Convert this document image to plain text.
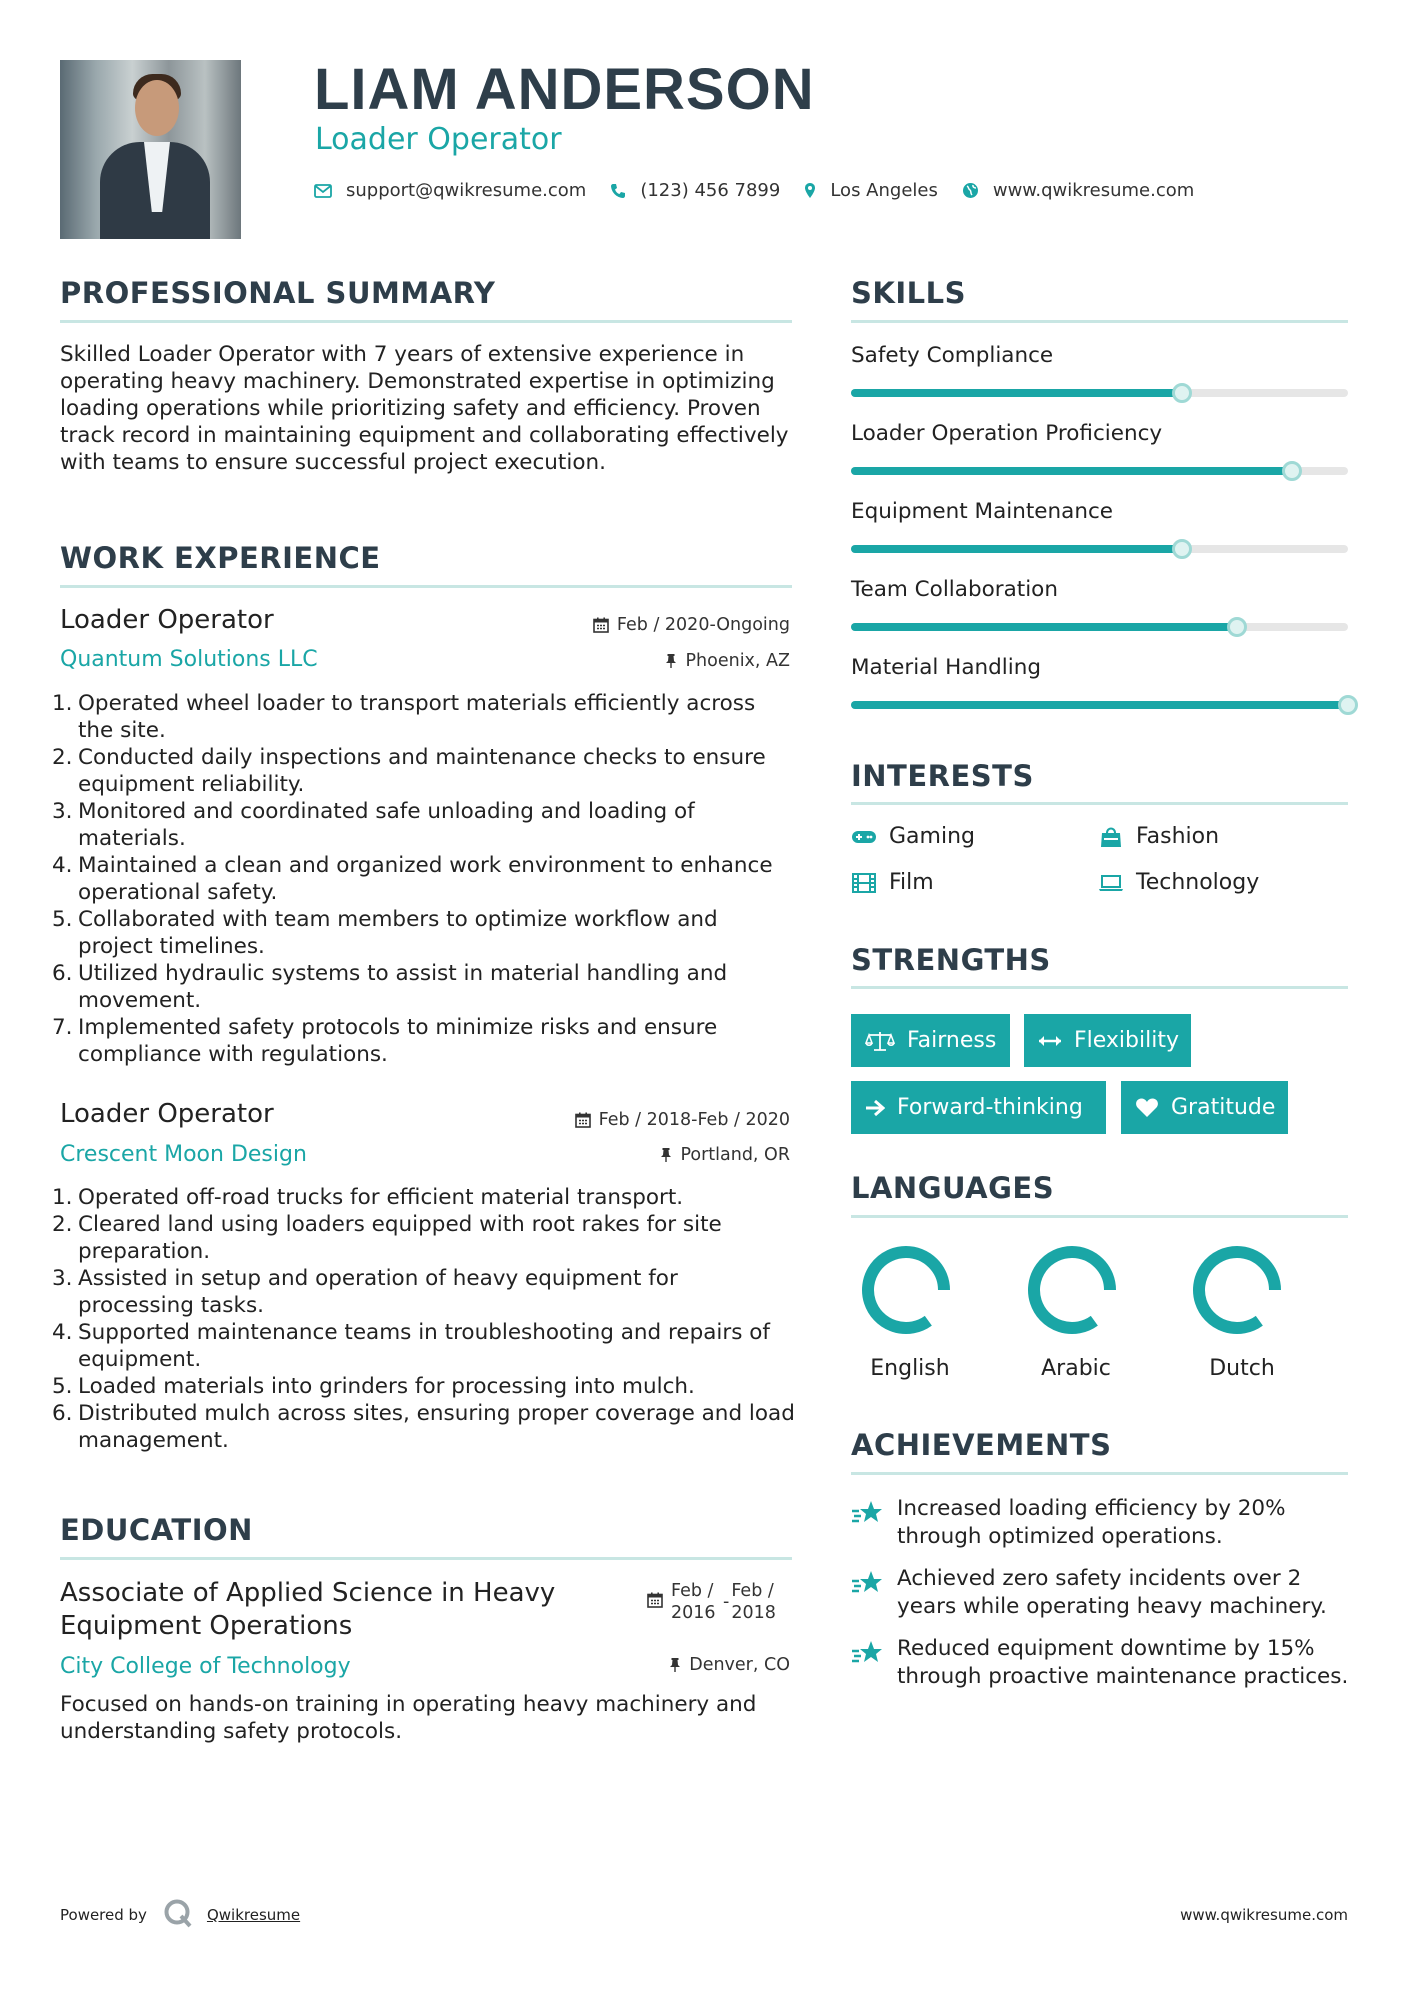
LIAM ANDERSON
Loader Operator
support@qwikresume.com	(123) 456 7899	Los Angeles	www.qwikresume.com
PROFESSIONAL SUMMARY
Skilled Loader Operator with 7 years of extensive experience in operating heavy machinery. Demonstrated expertise in optimizing loading operations while prioritizing safety and efficiency. Proven track record in maintaining equipment and collaborating effectively with teams to ensure successful project execution.
WORK EXPERIENCE
Loader Operator	Feb / 2020-Ongoing
Quantum Solutions LLC	Phoenix, AZ
1. Operated wheel loader to transport materials efficiently across the site.
2. Conducted daily inspections and maintenance checks to ensure equipment reliability.
3. Monitored and coordinated safe unloading and loading of materials.
4. Maintained a clean and organized work environment to enhance operational safety.
5. Collaborated with team members to optimize workflow and project timelines.
6. Utilized hydraulic systems to assist in material handling and movement.
7. Implemented safety protocols to minimize risks and ensure compliance with regulations.
Loader Operator	Feb / 2018-Feb / 2020
Crescent Moon Design	Portland, OR
1. Operated off-road trucks for efficient material transport.
2. Cleared land using loaders equipped with root rakes for site preparation.
3. Assisted in setup and operation of heavy equipment for processing tasks.
4. Supported maintenance teams in troubleshooting and repairs of equipment.
5. Loaded materials into grinders for processing into mulch.
6. Distributed mulch across sites, ensuring proper coverage and load management.
EDUCATION
Associate of Applied Science in Heavy Equipment Operations
Feb / 2016
-
Feb / 2018
City College of Technology	Denver, CO
Focused on hands-on training in operating heavy machinery and understanding safety protocols.
SKILLS
Safety Compliance
Loader Operation Proficiency
Equipment Maintenance
Team Collaboration
Material Handling
INTERESTS
Gaming	Fashion
Film	Technology
STRENGTHS
Fairness	Flexibility
Forward-thinking	Gratitude
LANGUAGES
English	Arabic	Dutch
ACHIEVEMENTS
Increased loading efficiency by 20% through optimized operations.
Achieved zero safety incidents over 2 years while operating heavy machinery.
Reduced equipment downtime by 15% through proactive maintenance practices.
Powered by	Qwikresume	www.qwikresume.com
